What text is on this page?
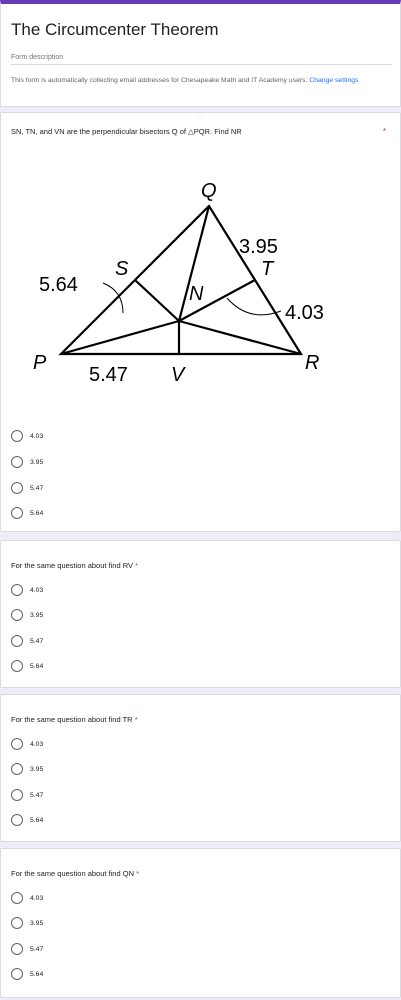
The Circumcenter Theorem
Form description
This form is automatically collecting email addresses for Chesapeake Math and IT Academy users. Change settings
:::
SN, TN, and VN are the perpendicular bisectors Q of △PQR. Find NR	*
Q
P	R
S	T
N
V
3.95
5.64
4.03
5.47
4.03
3.95
5.47
5.64
For the same question about find RV *
4.03
3.95
5.47
5.64
For the same question about find TR *
4.03
3.95
5.47
5.64
For the same question about find QN *
4.03
3.95
5.47
5.64
